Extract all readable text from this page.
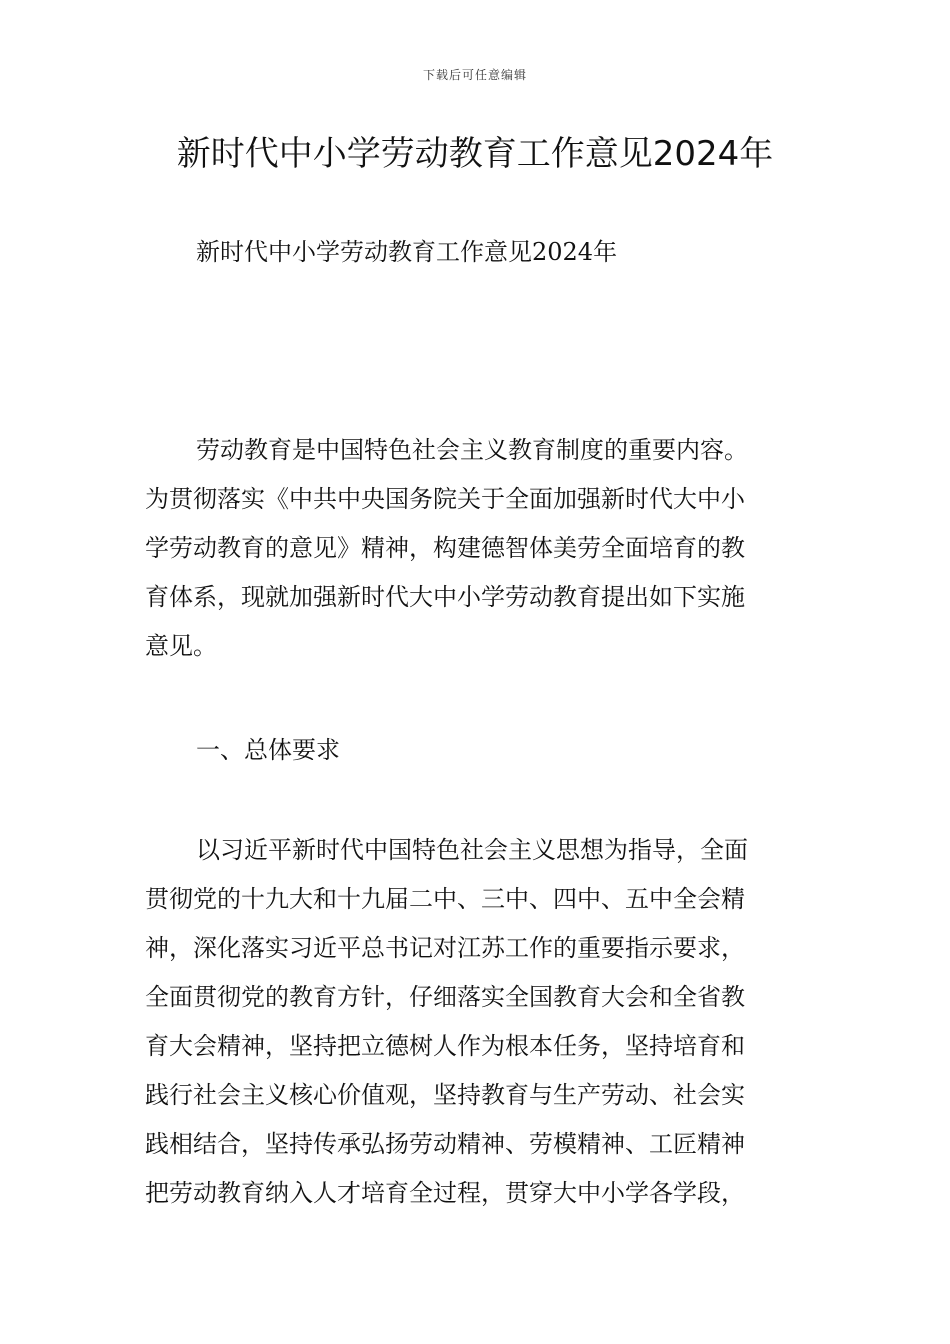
下载后可任意编辑
新时代中小学劳动教育工作意见2024年

新时代中小学劳动教育工作意见2024年

劳动教育是中国特色社会主义教育制度的重要内容。
为贯彻落实《中共中央国务院关于全面加强新时代大中小
学劳动教育的意见》精神，构建德智体美劳全面培育的教
育体系，现就加强新时代大中小学劳动教育提出如下实施
意见。

一、总体要求

以习近平新时代中国特色社会主义思想为指导，全面
贯彻党的十九大和十九届二中、三中、四中、五中全会精
神，深化落实习近平总书记对江苏工作的重要指示要求，
全面贯彻党的教育方针，仔细落实全国教育大会和全省教
育大会精神，坚持把立德树人作为根本任务，坚持培育和
践行社会主义核心价值观，坚持教育与生产劳动、社会实
践相结合，坚持传承弘扬劳动精神、劳模精神、工匠精神
把劳动教育纳入人才培育全过程，贯穿大中小学各学段，
